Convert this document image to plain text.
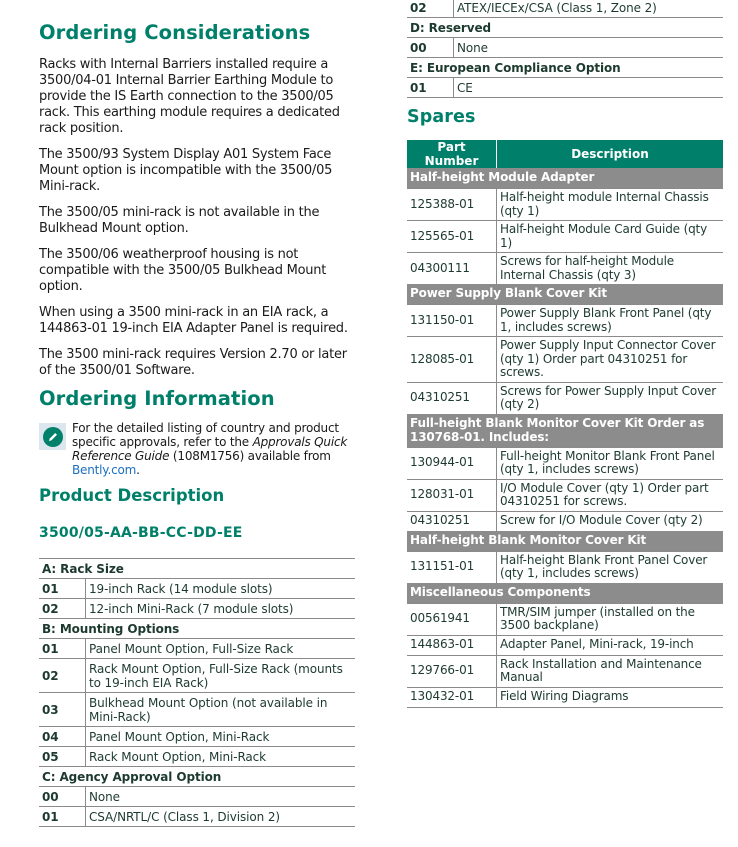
Ordering Considerations

Racks with Internal Barriers installed require a 3500/04-01 Internal Barrier Earthing Module to provide the IS Earth connection to the 3500/05 rack. This earthing module requires a dedicated rack position.

The 3500/93 System Display A01 System Face Mount option is incompatible with the 3500/05 Mini-rack.

The 3500/05 mini-rack is not available in the Bulkhead Mount option.

The 3500/06 weatherproof housing is not compatible with the 3500/05 Bulkhead Mount option.

When using a 3500 mini-rack in an EIA rack, a 144863-01 19-inch EIA Adapter Panel is required.

The 3500 mini-rack requires Version 2.70 or later of the 3500/01 Software.

Ordering Information
For the detailed listing of country and product specific approvals, refer to the Approvals Quick Reference Guide (108M1756) available from Bently.com.
Product Description
3500/05-AA-BB-CC-DD-EE
A: Rack Size	
01	19-inch Rack (14 module slots)
02	12-inch Mini-Rack (7 module slots)
B: Mounting Options	
01	Panel Mount Option, Full-Size Rack
02	Rack Mount Option, Full-Size Rack (mounts to 19-inch EIA Rack)
03	Bulkhead Mount Option (not available in Mini-Rack)
04	Panel Mount Option, Mini-Rack
05	Rack Mount Option, Mini-Rack
C: Agency Approval Option	
00	None
01	CSA/NRTL/C (Class 1, Division 2)
02	ATEX/IECEx/CSA (Class 1, Zone 2)
D: Reserved	
00	None
E: European Compliance Option	
01	CE
Spares
Part Number	Description
Half-height Module Adapter	
125388-01	Half-height module Internal Chassis (qty 1)
125565-01	Half-height Module Card Guide (qty 1)
04300111	Screws for half-height Module Internal Chassis (qty 3)
Power Supply Blank Cover Kit	
131150-01	Power Supply Blank Front Panel (qty 1, includes screws)
128085-01	Power Supply Input Connector Cover (qty 1) Order part 04310251 for screws.
04310251	Screws for Power Supply Input Cover (qty 2)
Full-height Blank Monitor Cover Kit Order as 130768-01. Includes:	
130944-01	Full-height Monitor Blank Front Panel (qty 1, includes screws)
128031-01	I/O Module Cover (qty 1) Order part 04310251 for screws.
04310251	Screw for I/O Module Cover (qty 2)
Half-height Blank Monitor Cover Kit	
131151-01	Half-height Blank Front Panel Cover (qty 1, includes screws)
Miscellaneous Components	
00561941	TMR/SIM jumper (installed on the 3500 backplane)
144863-01	Adapter Panel, Mini-rack, 19-inch
129766-01	Rack Installation and Maintenance Manual
130432-01	Field Wiring Diagrams
